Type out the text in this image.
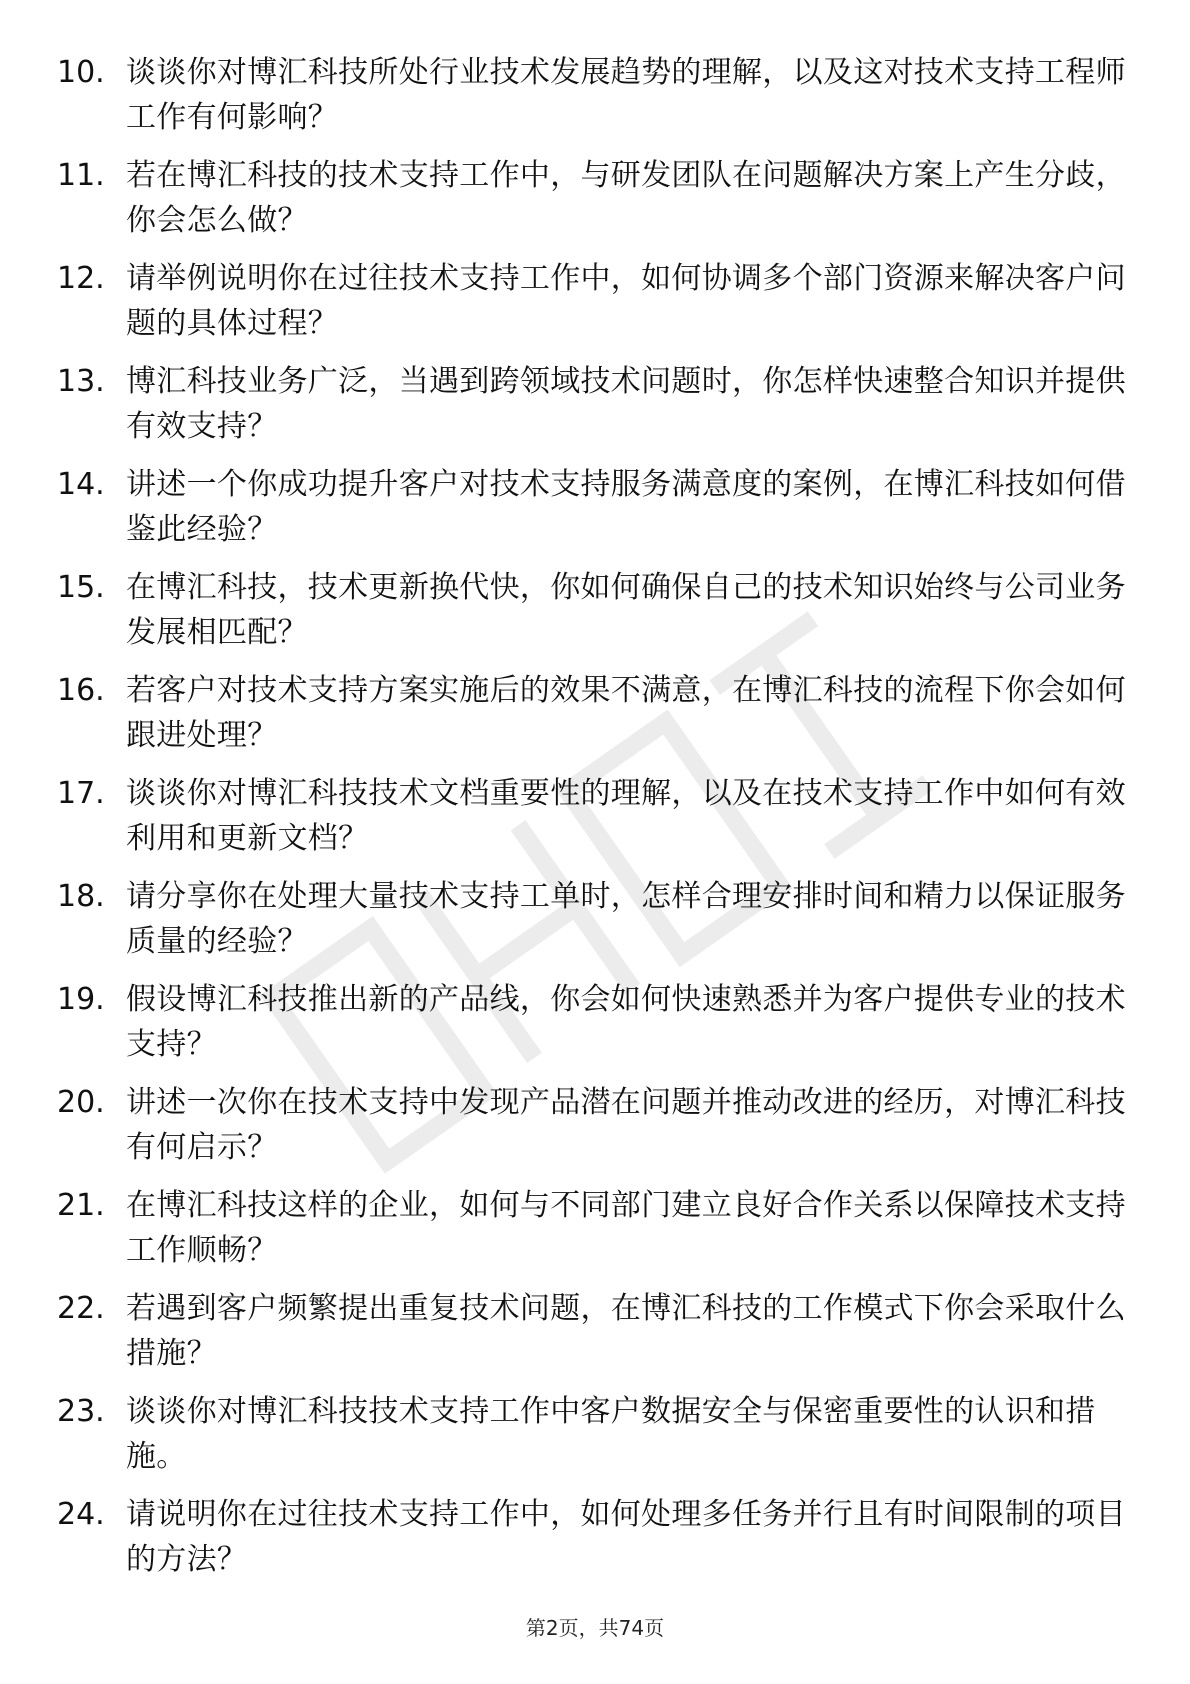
10. 谈谈你对博汇科技所处行业技术发展趋势的理解，以及这对技术支持工程师工作有何影响？
11. 若在博汇科技的技术支持工作中，与研发团队在问题解决方案上产生分歧，你会怎么做？
12. 请举例说明你在过往技术支持工作中，如何协调多个部门资源来解决客户问题的具体过程？
13. 博汇科技业务广泛，当遇到跨领域技术问题时，你怎样快速整合知识并提供有效支持？
14. 讲述一个你成功提升客户对技术支持服务满意度的案例，在博汇科技如何借鉴此经验？
15. 在博汇科技，技术更新换代快，你如何确保自己的技术知识始终与公司业务发展相匹配？
16. 若客户对技术支持方案实施后的效果不满意，在博汇科技的流程下你会如何跟进处理？
17. 谈谈你对博汇科技技术文档重要性的理解，以及在技术支持工作中如何有效利用和更新文档？
18. 请分享你在处理大量技术支持工单时，怎样合理安排时间和精力以保证服务质量的经验？
19. 假设博汇科技推出新的产品线，你会如何快速熟悉并为客户提供专业的技术支持？
20. 讲述一次你在技术支持中发现产品潜在问题并推动改进的经历，对博汇科技有何启示？
21. 在博汇科技这样的企业，如何与不同部门建立良好合作关系以保障技术支持工作顺畅？
22. 若遇到客户频繁提出重复技术问题，在博汇科技的工作模式下你会采取什么措施？
23. 谈谈你对博汇科技技术支持工作中客户数据安全与保密重要性的认识和措施。
24. 请说明你在过往技术支持工作中，如何处理多任务并行且有时间限制的项目的方法？
第2页，共74页
